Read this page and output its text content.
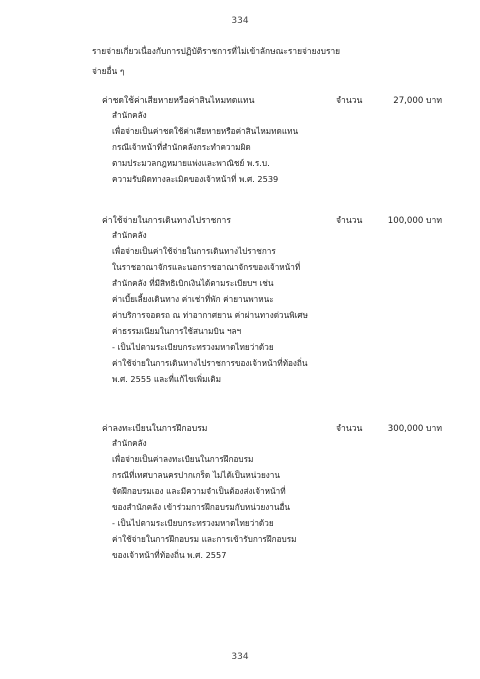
334
334
รายจ่ายเกี่ยวเนื่องกับการปฏิบัติราชการที่ไม่เข้าลักษณะรายจ่ายงบราย
จ่ายอื่น ๆ
ค่าชดใช้ค่าเสียหายหรือค่าสินไหมทดแทน	จำนวน	27,000 บาท
สำนักคลัง
เพื่อจ่ายเป็นค่าชดใช้ค่าเสียหายหรือค่าสินไหมทดแทน
กรณีเจ้าหน้าที่สำนักคลังกระทำความผิด
ตามประมวลกฎหมายแพ่งและพาณิชย์ พ.ร.บ.
ความรับผิดทางละเมิดของเจ้าหน้าที่ พ.ศ. 2539
ค่าใช้จ่ายในการเดินทางไปราชการ	จำนวน	100,000 บาท
สำนักคลัง
เพื่อจ่ายเป็นค่าใช้จ่ายในการเดินทางไปราชการ
ในราชอาณาจักรและนอกราชอาณาจักรของเจ้าหน้าที่
สำนักคลัง ที่มีสิทธิเบิกเงินได้ตามระเบียบฯ เช่น
ค่าเบี้ยเลี้ยงเดินทาง ค่าเช่าที่พัก ค่ายานพาหนะ
ค่าบริการจอดรถ ณ ท่าอากาศยาน ค่าผ่านทางด่วนพิเศษ
ค่าธรรมเนียมในการใช้สนามบิน ฯลฯ
- เป็นไปตามระเบียบกระทรวงมหาดไทยว่าด้วย
ค่าใช้จ่ายในการเดินทางไปราชการของเจ้าหน้าที่ท้องถิ่น
พ.ศ. 2555 และที่แก้ไขเพิ่มเติม
ค่าลงทะเบียนในการฝึกอบรม	จำนวน	300,000 บาท
สำนักคลัง
เพื่อจ่ายเป็นค่าลงทะเบียนในการฝึกอบรม
กรณีที่เทศบาลนครปากเกร็ด ไม่ได้เป็นหน่วยงาน
จัดฝึกอบรมเอง และมีความจำเป็นต้องส่งเจ้าหน้าที่
ของสำนักคลัง เข้าร่วมการฝึกอบรมกับหน่วยงานอื่น
- เป็นไปตามระเบียบกระทรวงมหาดไทยว่าด้วย
ค่าใช้จ่ายในการฝึกอบรม และการเข้ารับการฝึกอบรม
ของเจ้าหน้าที่ท้องถิ่น พ.ศ. 2557
